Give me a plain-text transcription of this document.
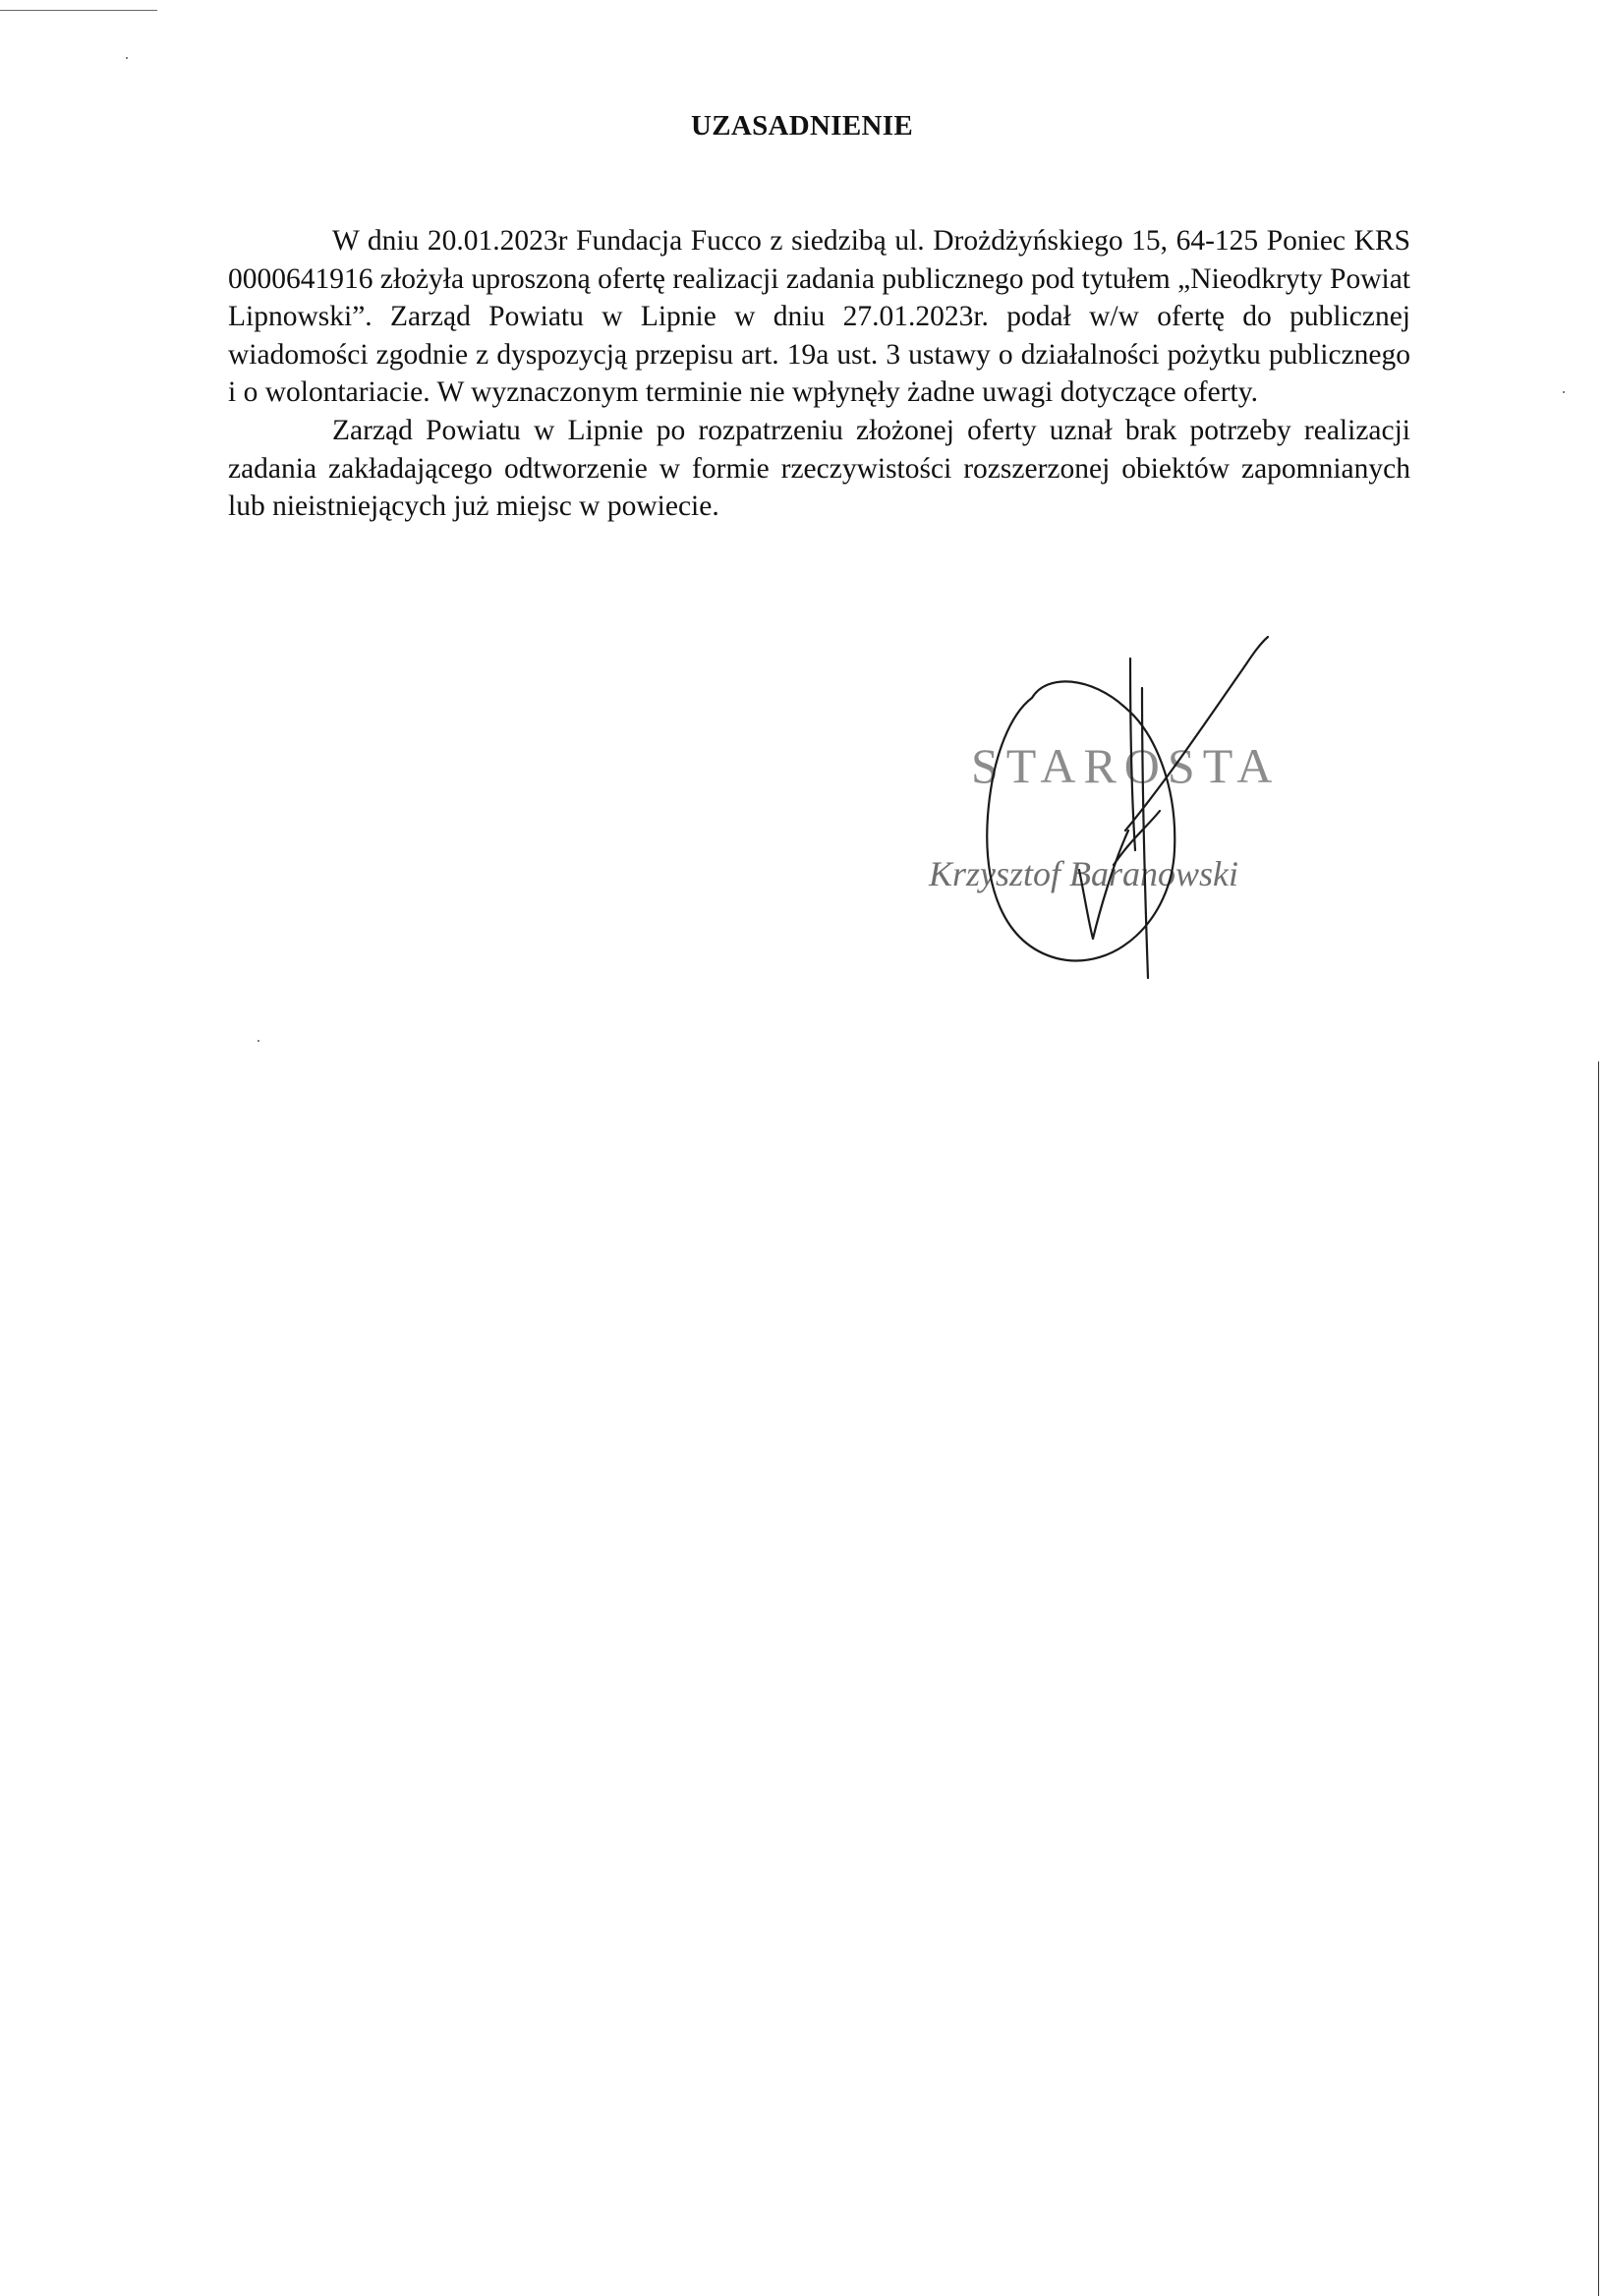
UZASADNIENIE

W dniu 20.01.2023r Fundacja Fucco z siedzibą ul. Drożdżyńskiego 15, 64-125 Poniec KRS 0000641916 złożyła uproszoną ofertę realizacji zadania publicznego pod tytułem „Nieodkryty Powiat Lipnowski”. Zarząd Powiatu w Lipnie w dniu 27.01.2023r. podał w/w ofertę do publicznej wiadomości zgodnie z dyspozycją przepisu art. 19a ust. 3 ustawy o działalności pożytku publicznego i o wolontariacie. W wyznaczonym terminie nie wpłynęły żadne uwagi dotyczące oferty.

Zarząd Powiatu w Lipnie po rozpatrzeniu złożonej oferty uznał brak potrzeby realizacji zadania zakładającego odtworzenie w formie rzeczywistości rozszerzonej obiektów zapomnianych lub nieistniejących już miejsc w powiecie.

STAROSTA
Krzysztof Baranowski
